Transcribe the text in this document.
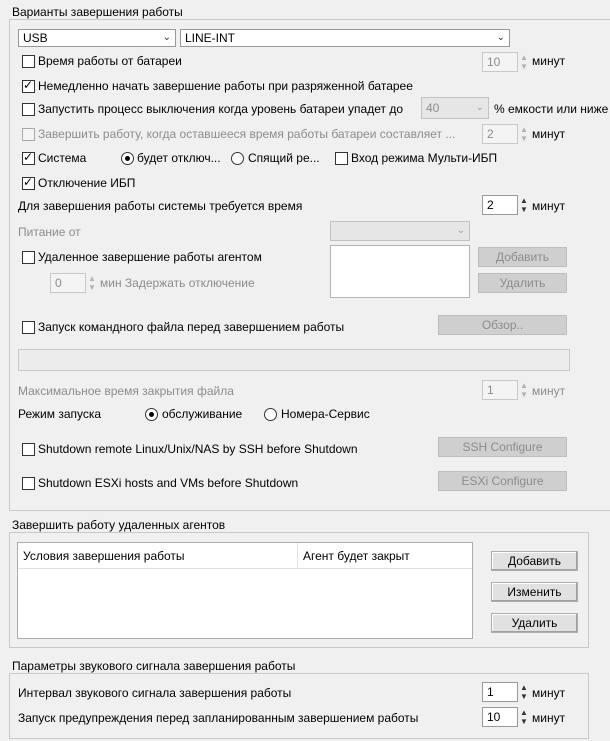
Варианты завершения работы
USB	⌄ LINE-INT	⌄
Время работы от батареи	10 ▲
▼ минут
✓ Немедленно начать завершение работы при разряженной батарее
Запустить процесс выключения когда уровень батареи упадет до 40	⌄ % емкости или ниже
Завершить работу, когда оставшееся время работы батареи составляет ...	2	▲
▼ минут
✓ Система	будет отключ... Спящий ре...	Вход режима Мульти-ИБП
✓ Отключение ИБП
Для завершения работы системы требуется время	2	▲
▼ минут
Питание от	⌄
Удаленное завершение работы агентом	Добавить
Удалить
0	▲
▼ мин Задержать отключение
Запуск командного файла перед завершением работы	Обзор..
Максимальное время закрытия файла	1	▲
▼ минут
Режим запуска	обслуживание	Номера-Сервис
Shutdown remote Linux/Unix/NAS by SSH before Shutdown	SSH Configure
Shutdown ESXi hosts and VMs before Shutdown	ESXi Configure
Завершить работу удаленных агентов
Условия завершения работы	Агент будет закрыт	Добавить
Изменить
Удалить
Параметры звукового сигнала завершения работы
Интервал звукового сигнала завершения работы	1	▲
▼ минут
Запуск предупреждения перед запланированным завершением работы	10 ▲
▼ минут
